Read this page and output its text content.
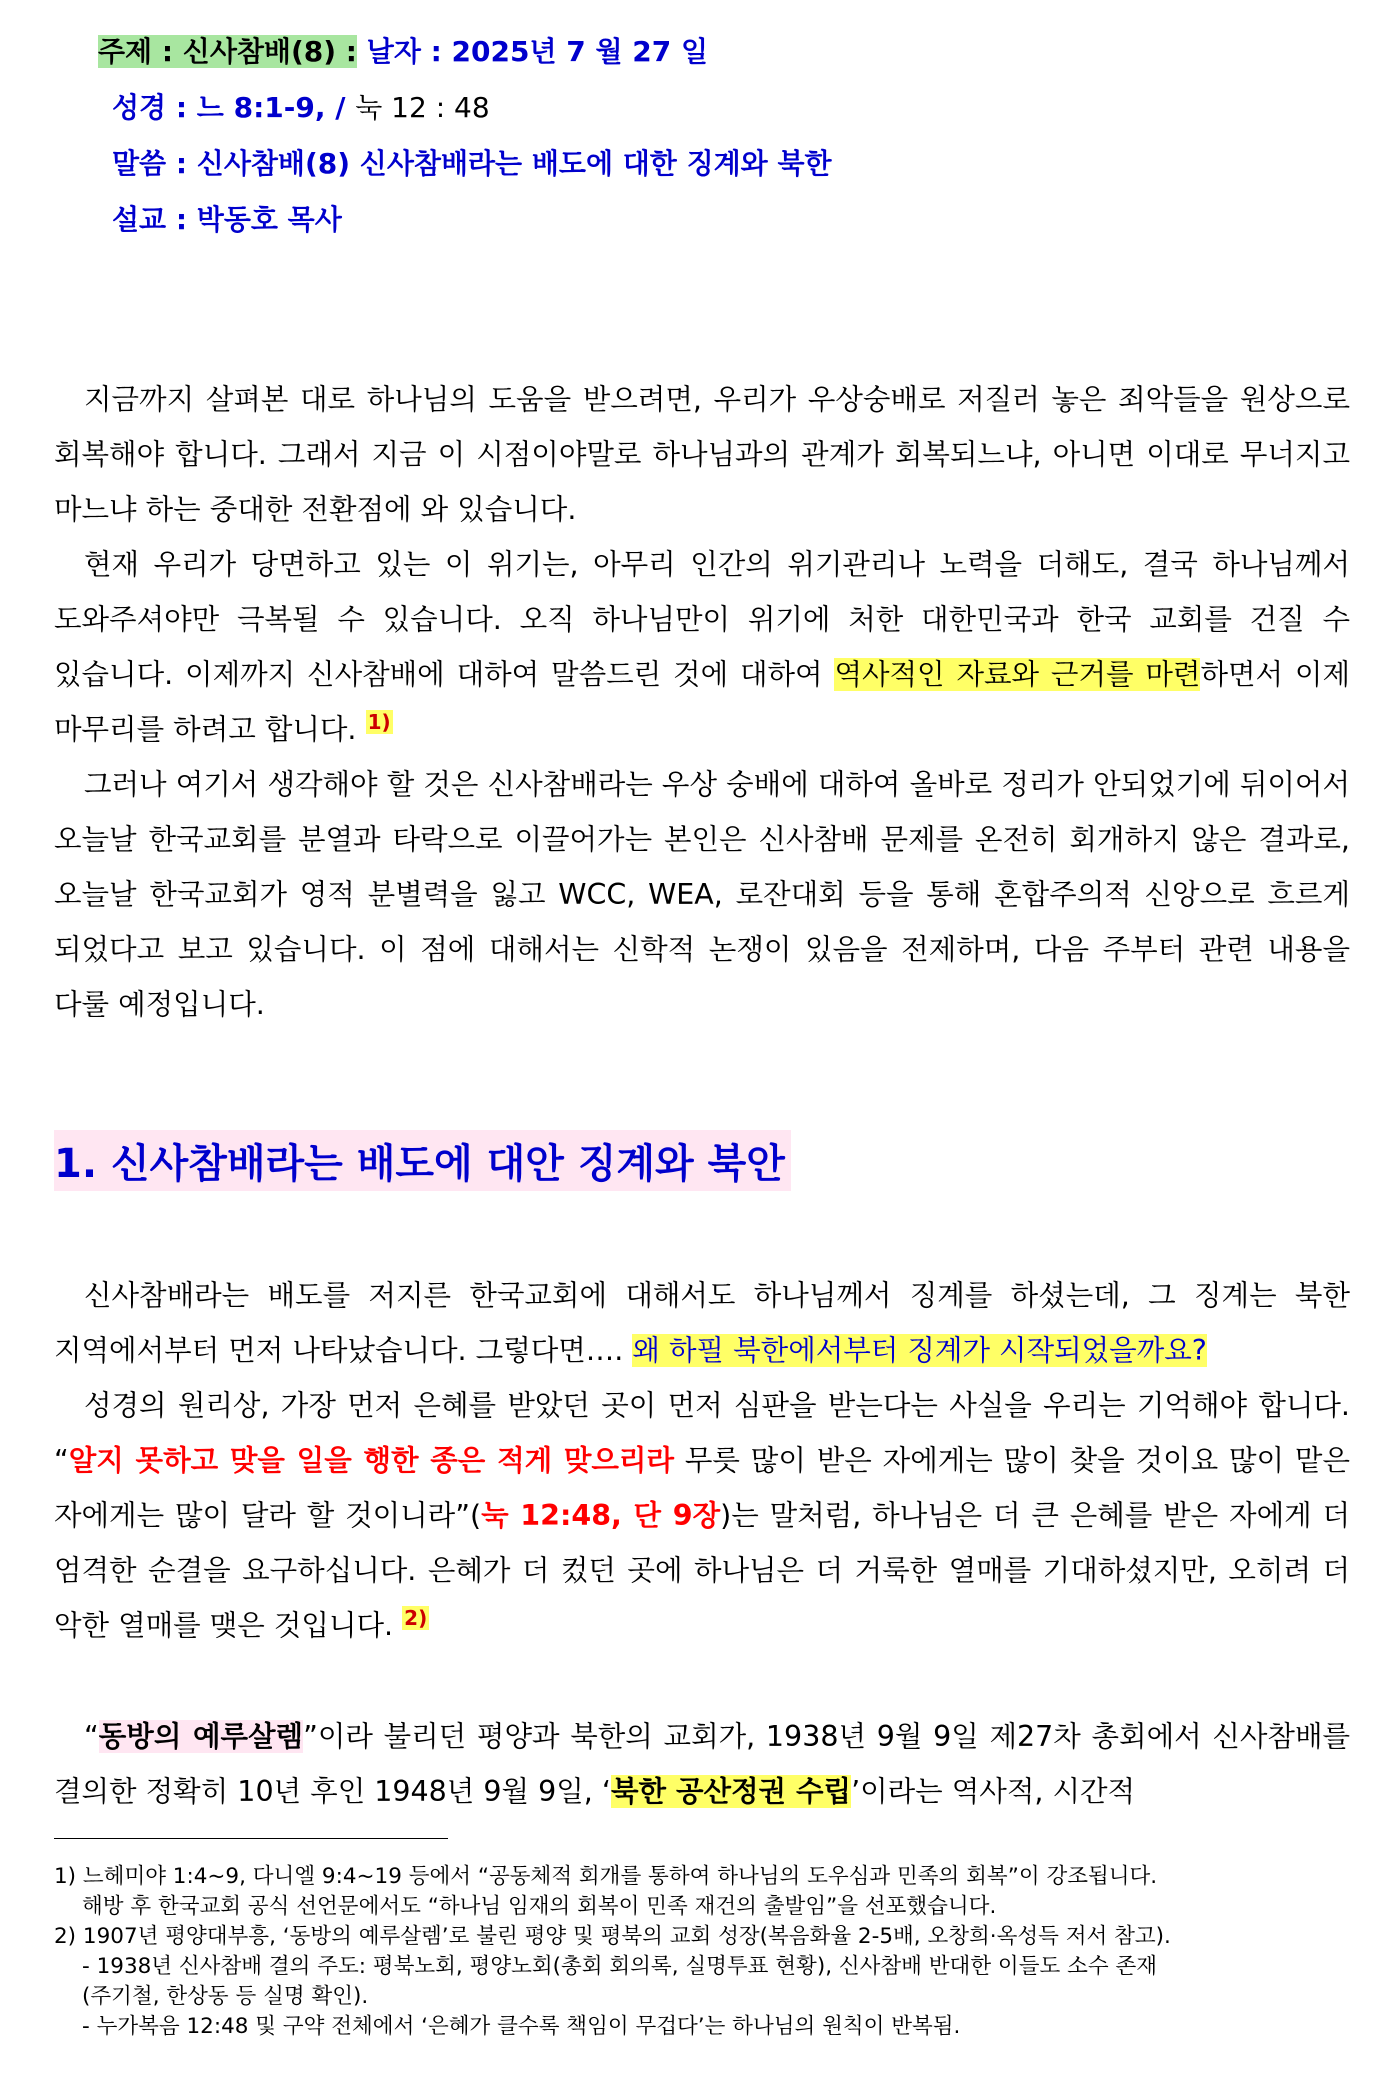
주제 : 신사참배(8) : 날자 : 2025년 7 월 27 일
성경 : 느 8:1-9, / 눅 12 : 48
말씀 : 신사참배(8) 신사참배라는 배도에 대한 징계와 북한
설교 : 박동호 목사
지금까지 살펴본 대로 하나님의 도움을 받으려면, 우리가 우상숭배로 저질러 놓은 죄악들을 원상으로 회복해야 합니다. 그래서 지금 이 시점이야말로 하나님과의 관계가 회복되느냐, 아니면 이대로 무너지고 마느냐 하는 중대한 전환점에 와 있습니다.
현재 우리가 당면하고 있는 이 위기는, 아무리 인간의 위기관리나 노력을 더해도, 결국 하나님께서 도와주셔야만 극복될 수 있습니다. 오직 하나님만이 위기에 처한 대한민국과 한국 교회를 건질 수 있습니다. 이제까지 신사참배에 대하여 말씀드린 것에 대하여 역사적인 자료와 근거를 마련하면서 이제 마무리를 하려고 합니다. $^{1)}$
그러나 여기서 생각해야 할 것은 신사참배라는 우상 숭배에 대하여 올바로 정리가 안되었기에 뒤이어서 오늘날 한국교회를 분열과 타락으로 이끌어가는 본인은 신사참배 문제를 온전히 회개하지 않은 결과로, 오늘날 한국교회가 영적 분별력을 잃고 WCC, WEA, 로잔대회 등을 통해 혼합주의적 신앙으로 흐르게 되었다고 보고 있습니다. 이 점에 대해서는 신학적 논쟁이 있음을 전제하며, 다음 주부터 관련 내용을 다룰 예정입니다.
1. 신사참배라는 배도에 대안 징계와 북안
신사참배라는 배도를 저지른 한국교회에 대해서도 하나님께서 징계를 하셨는데, 그 징계는 북한 지역에서부터 먼저 나타났습니다. 그렇다면…. 왜 하필 북한에서부터 징계가 시작되었을까요?
성경의 원리상, 가장 먼저 은혜를 받았던 곳이 먼저 심판을 받는다는 사실을 우리는 기억해야 합니다. “알지 못하고 맞을 일을 행한 종은 적게 맞으리라 무릇 많이 받은 자에게는 많이 찾을 것이요 많이 맡은 자에게는 많이 달라 할 것이니라”(눅 12:48, 단 9장)는 말처럼, 하나님은 더 큰 은혜를 받은 자에게 더 엄격한 순결을 요구하십니다. 은혜가 더 컸던 곳에 하나님은 더 거룩한 열매를 기대하셨지만, 오히려 더 악한 열매를 맺은 것입니다. $^{2)}$
“동방의 예루살렘”이라 불리던 평양과 북한의 교회가, 1938년 9월 9일 제27차 총회에서 신사참배를 결의한 정확히 10년 후인 1948년 9월 9일, ‘북한 공산정권 수립’이라는 역사적, 시간적
1) 느헤미야 1:4~9, 다니엘 9:4~19 등에서 “공동체적 회개를 통하여 하나님의 도우심과 민족의 회복”이 강조됩니다.
해방 후 한국교회 공식 선언문에서도 “하나님 임재의 회복이 민족 재건의 출발임”을 선포했습니다.
2) 1907년 평양대부흥, ‘동방의 예루살렘’로 불린 평양 및 평북의 교회 성장(복음화율 2-5배, 오창희·옥성득 저서 참고).
- 1938년 신사참배 결의 주도: 평북노회, 평양노회(총회 회의록, 실명투표 현황), 신사참배 반대한 이들도 소수 존재
(주기철, 한상동 등 실명 확인).
- 누가복음 12:48 및 구약 전체에서 ‘은혜가 클수록 책임이 무겁다’는 하나님의 원칙이 반복됨.
